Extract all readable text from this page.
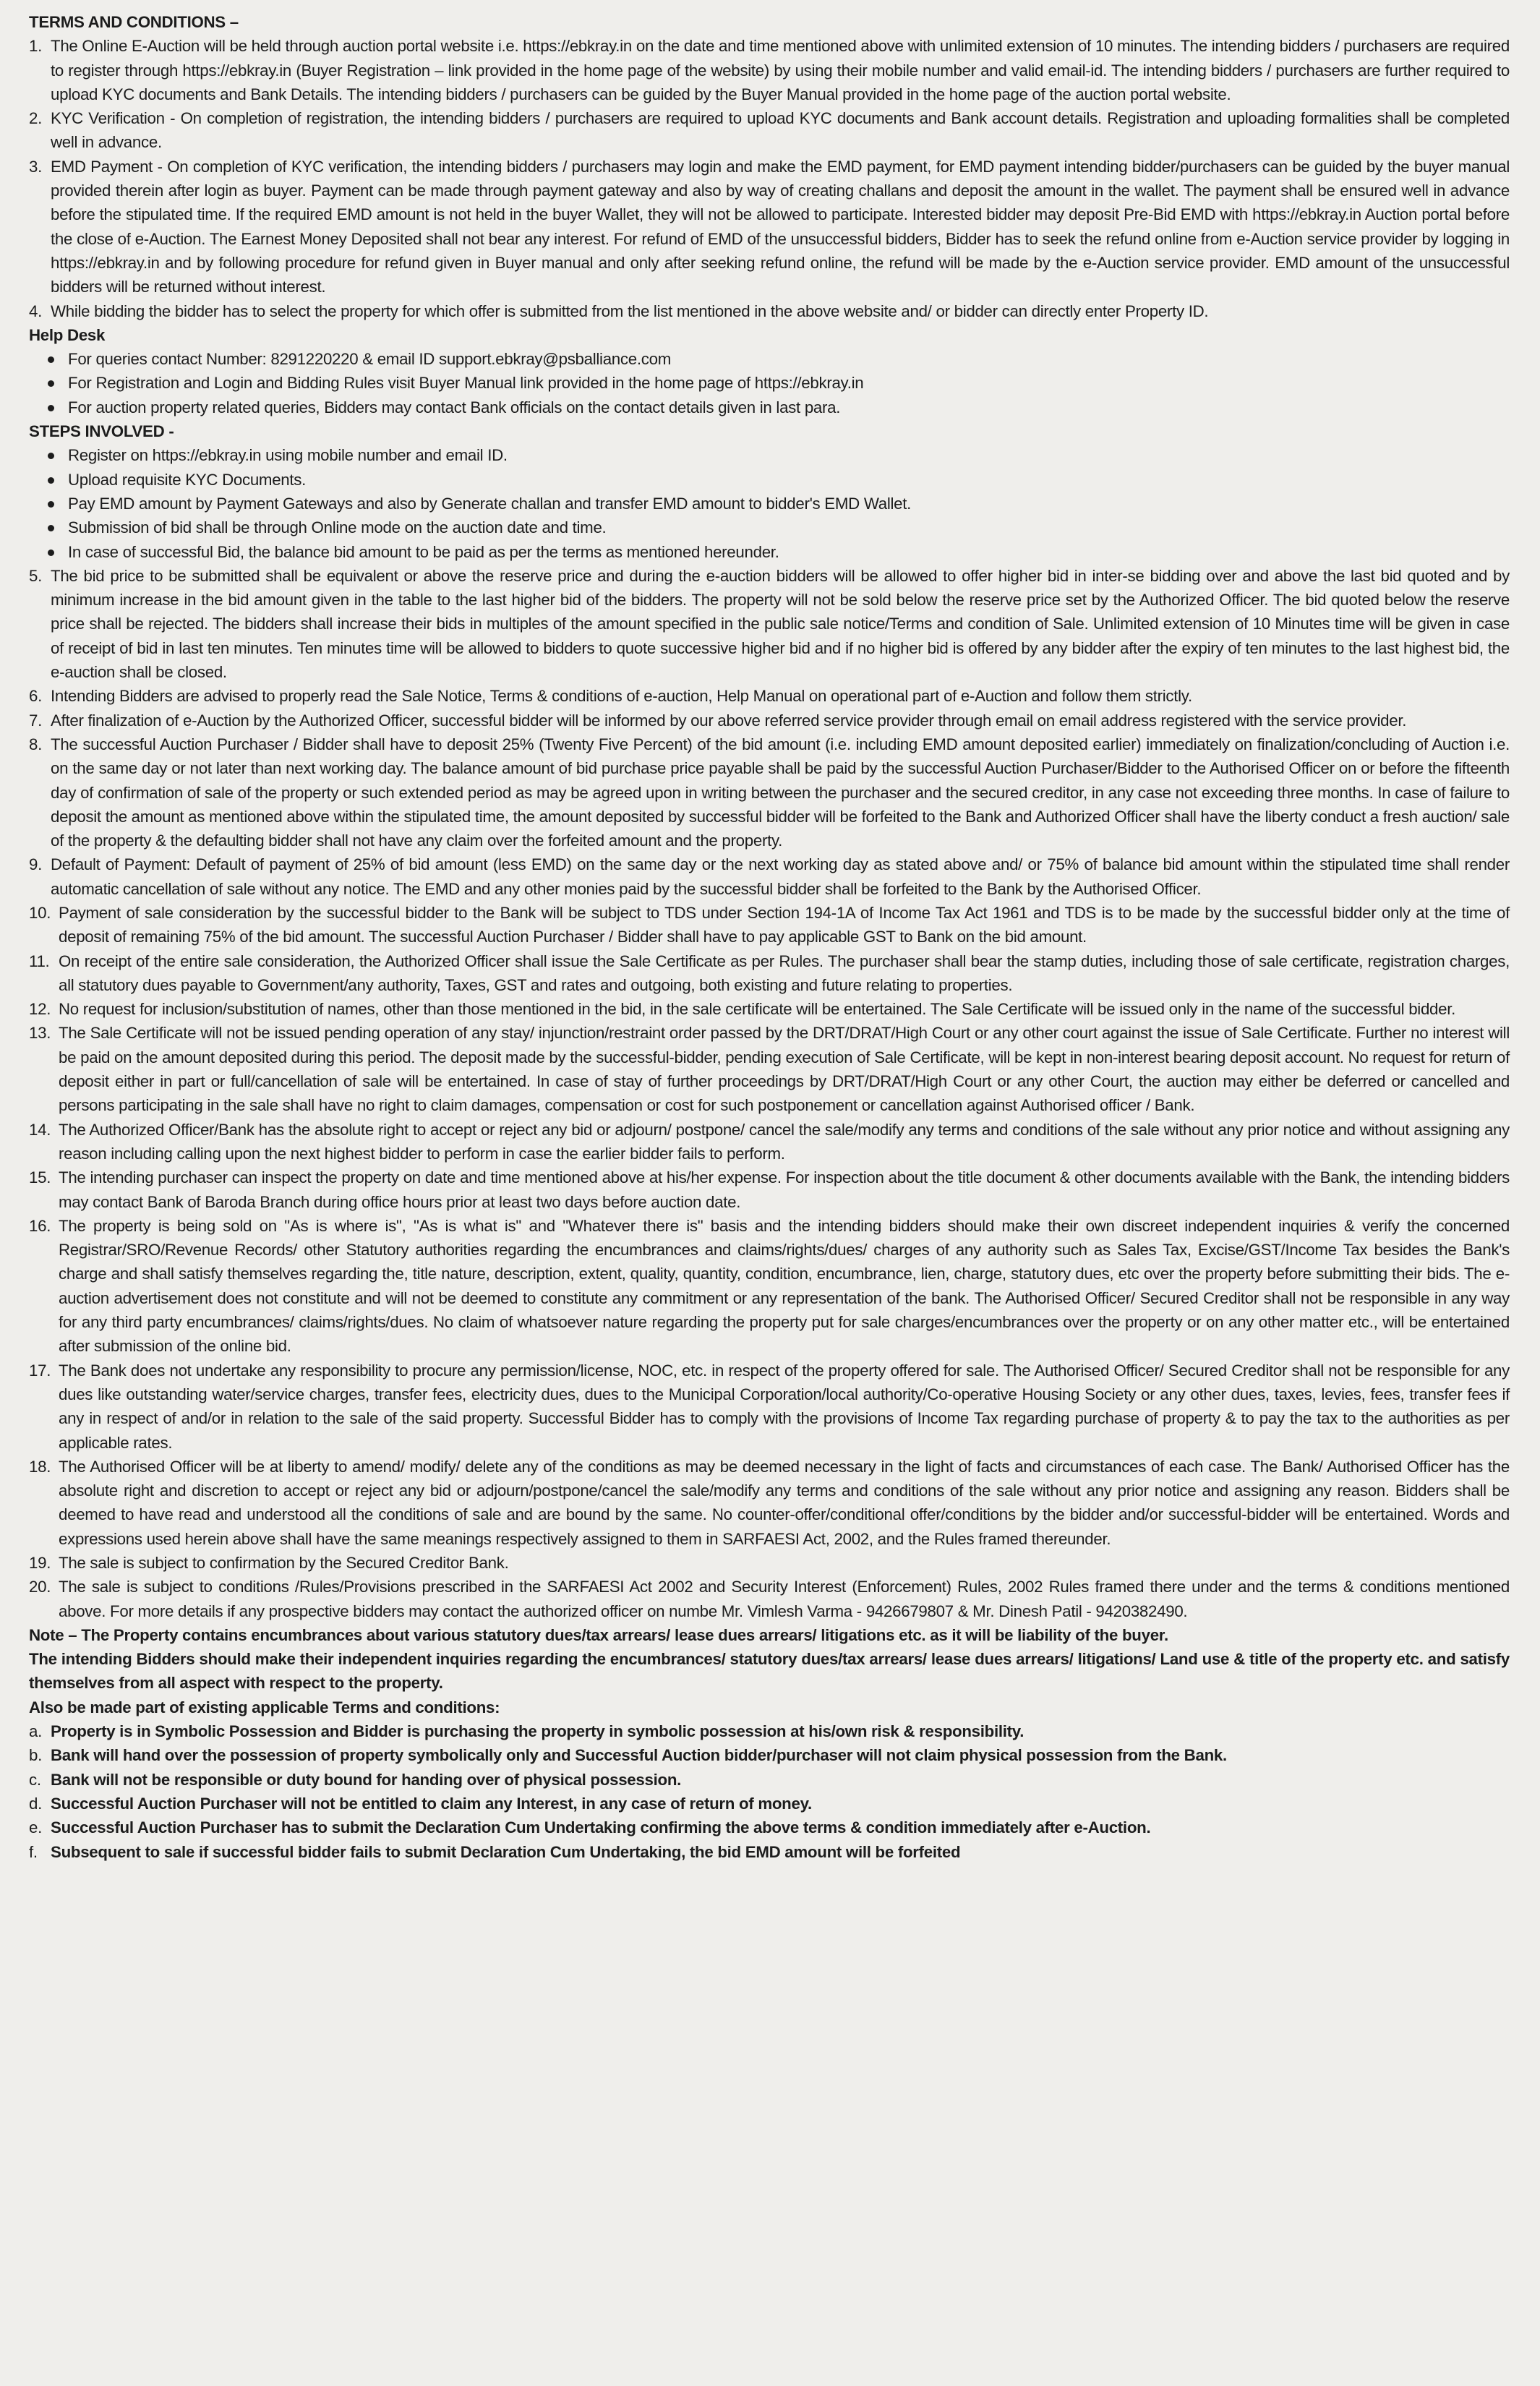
TERMS AND CONDITIONS –
1. The Online E-Auction will be held through auction portal website i.e. https://ebkray.in on the date and time mentioned above with unlimited extension of 10 minutes. The intending bidders / purchasers are required to register through https://ebkray.in (Buyer Registration – link provided in the home page of the website) by using their mobile number and valid email-id. The intending bidders / purchasers are further required to upload KYC documents and Bank Details. The intending bidders / purchasers can be guided by the Buyer Manual provided in the home page of the auction portal website.
2. KYC Verification - On completion of registration, the intending bidders / purchasers are required to upload KYC documents and Bank account details. Registration and uploading formalities shall be completed well in advance.
3. EMD Payment - On completion of KYC verification, the intending bidders / purchasers may login and make the EMD payment, for EMD payment intending bidder/purchasers can be guided by the buyer manual provided therein after login as buyer. Payment can be made through payment gateway and also by way of creating challans and deposit the amount in the wallet. The payment shall be ensured well in advance before the stipulated time. If the required EMD amount is not held in the buyer Wallet, they will not be allowed to participate. Interested bidder may deposit Pre-Bid EMD with https://ebkray.in Auction portal before the close of e-Auction. The Earnest Money Deposited shall not bear any interest. For refund of EMD of the unsuccessful bidders, Bidder has to seek the refund online from e-Auction service provider by logging in https://ebkray.in and by following procedure for refund given in Buyer manual and only after seeking refund online, the refund will be made by the e-Auction service provider. EMD amount of the unsuccessful bidders will be returned without interest.
4. While bidding the bidder has to select the property for which offer is submitted from the list mentioned in the above website and/ or bidder can directly enter Property ID.
Help Desk
For queries contact Number: 8291220220 & email ID support.ebkray@psballiance.com
For Registration and Login and Bidding Rules visit Buyer Manual link provided in the home page of https://ebkray.in
For auction property related queries, Bidders may contact Bank officials on the contact details given in last para.
STEPS INVOLVED -
Register on https://ebkray.in using mobile number and email ID.
Upload requisite KYC Documents.
Pay EMD amount by Payment Gateways and also by Generate challan and transfer EMD amount to bidder's EMD Wallet.
Submission of bid shall be through Online mode on the auction date and time.
In case of successful Bid, the balance bid amount to be paid as per the terms as mentioned hereunder.
5. The bid price to be submitted shall be equivalent or above the reserve price and during the e-auction bidders will be allowed to offer higher bid in inter-se bidding over and above the last bid quoted and by minimum increase in the bid amount given in the table to the last higher bid of the bidders. The property will not be sold below the reserve price set by the Authorized Officer. The bid quoted below the reserve price shall be rejected. The bidders shall increase their bids in multiples of the amount specified in the public sale notice/Terms and condition of Sale. Unlimited extension of 10 Minutes time will be given in case of receipt of bid in last ten minutes. Ten minutes time will be allowed to bidders to quote successive higher bid and if no higher bid is offered by any bidder after the expiry of ten minutes to the last highest bid, the e-auction shall be closed.
6. Intending Bidders are advised to properly read the Sale Notice, Terms & conditions of e-auction, Help Manual on operational part of e-Auction and follow them strictly.
7. After finalization of e-Auction by the Authorized Officer, successful bidder will be informed by our above referred service provider through email on email address registered with the service provider.
8. The successful Auction Purchaser / Bidder shall have to deposit 25% (Twenty Five Percent) of the bid amount (i.e. including EMD amount deposited earlier) immediately on finalization/concluding of Auction i.e. on the same day or not later than next working day. The balance amount of bid purchase price payable shall be paid by the successful Auction Purchaser/Bidder to the Authorised Officer on or before the fifteenth day of confirmation of sale of the property or such extended period as may be agreed upon in writing between the purchaser and the secured creditor, in any case not exceeding three months. In case of failure to deposit the amount as mentioned above within the stipulated time, the amount deposited by successful bidder will be forfeited to the Bank and Authorized Officer shall have the liberty conduct a fresh auction/ sale of the property & the defaulting bidder shall not have any claim over the forfeited amount and the property.
9. Default of Payment: Default of payment of 25% of bid amount (less EMD) on the same day or the next working day as stated above and/ or 75% of balance bid amount within the stipulated time shall render automatic cancellation of sale without any notice. The EMD and any other monies paid by the successful bidder shall be forfeited to the Bank by the Authorised Officer.
10. Payment of sale consideration by the successful bidder to the Bank will be subject to TDS under Section 194-1A of Income Tax Act 1961 and TDS is to be made by the successful bidder only at the time of deposit of remaining 75% of the bid amount. The successful Auction Purchaser / Bidder shall have to pay applicable GST to Bank on the bid amount.
11. On receipt of the entire sale consideration, the Authorized Officer shall issue the Sale Certificate as per Rules. The purchaser shall bear the stamp duties, including those of sale certificate, registration charges, all statutory dues payable to Government/any authority, Taxes, GST and rates and outgoing, both existing and future relating to properties.
12. No request for inclusion/substitution of names, other than those mentioned in the bid, in the sale certificate will be entertained. The Sale Certificate will be issued only in the name of the successful bidder.
13. The Sale Certificate will not be issued pending operation of any stay/ injunction/restraint order passed by the DRT/DRAT/High Court or any other court against the issue of Sale Certificate. Further no interest will be paid on the amount deposited during this period. The deposit made by the successful-bidder, pending execution of Sale Certificate, will be kept in non-interest bearing deposit account. No request for return of deposit either in part or full/cancellation of sale will be entertained. In case of stay of further proceedings by DRT/DRAT/High Court or any other Court, the auction may either be deferred or cancelled and persons participating in the sale shall have no right to claim damages, compensation or cost for such postponement or cancellation against Authorised officer / Bank.
14. The Authorized Officer/Bank has the absolute right to accept or reject any bid or adjourn/ postpone/ cancel the sale/modify any terms and conditions of the sale without any prior notice and without assigning any reason including calling upon the next highest bidder to perform in case the earlier bidder fails to perform.
15. The intending purchaser can inspect the property on date and time mentioned above at his/her expense. For inspection about the title document & other documents available with the Bank, the intending bidders may contact Bank of Baroda Branch during office hours prior at least two days before auction date.
16. The property is being sold on "As is where is", "As is what is" and "Whatever there is" basis and the intending bidders should make their own discreet independent inquiries & verify the concerned Registrar/SRO/Revenue Records/ other Statutory authorities regarding the encumbrances and claims/rights/dues/ charges of any authority such as Sales Tax, Excise/GST/Income Tax besides the Bank's charge and shall satisfy themselves regarding the, title nature, description, extent, quality, quantity, condition, encumbrance, lien, charge, statutory dues, etc over the property before submitting their bids. The e-auction advertisement does not constitute and will not be deemed to constitute any commitment or any representation of the bank. The Authorised Officer/ Secured Creditor shall not be responsible in any way for any third party encumbrances/ claims/rights/dues. No claim of whatsoever nature regarding the property put for sale charges/encumbrances over the property or on any other matter etc., will be entertained after submission of the online bid.
17. The Bank does not undertake any responsibility to procure any permission/license, NOC, etc. in respect of the property offered for sale. The Authorised Officer/ Secured Creditor shall not be responsible for any dues like outstanding water/service charges, transfer fees, electricity dues, dues to the Municipal Corporation/local authority/Co-operative Housing Society or any other dues, taxes, levies, fees, transfer fees if any in respect of and/or in relation to the sale of the said property. Successful Bidder has to comply with the provisions of Income Tax regarding purchase of property & to pay the tax to the authorities as per applicable rates.
18. The Authorised Officer will be at liberty to amend/ modify/ delete any of the conditions as may be deemed necessary in the light of facts and circumstances of each case. The Bank/ Authorised Officer has the absolute right and discretion to accept or reject any bid or adjourn/postpone/cancel the sale/modify any terms and conditions of the sale without any prior notice and assigning any reason. Bidders shall be deemed to have read and understood all the conditions of sale and are bound by the same. No counter-offer/conditional offer/conditions by the bidder and/or successful-bidder will be entertained. Words and expressions used herein above shall have the same meanings respectively assigned to them in SARFAESI Act, 2002, and the Rules framed thereunder.
19. The sale is subject to confirmation by the Secured Creditor Bank.
20. The sale is subject to conditions /Rules/Provisions prescribed in the SARFAESI Act 2002 and Security Interest (Enforcement) Rules, 2002 Rules framed there under and the terms & conditions mentioned above. For more details if any prospective bidders may contact the authorized officer on numbe Mr. Vimlesh Varma - 9426679807 & Mr. Dinesh Patil - 9420382490.
Note – The Property contains encumbrances about various statutory dues/tax arrears/ lease dues arrears/ litigations etc. as it will be liability of the buyer.
The intending Bidders should make their independent inquiries regarding the encumbrances/ statutory dues/tax arrears/ lease dues arrears/ litigations/ Land use & title of the property etc. and satisfy themselves from all aspect with respect to the property.
Also be made part of existing applicable Terms and conditions:
a. Property is in Symbolic Possession and Bidder is purchasing the property in symbolic possession at his/own risk & responsibility.
b. Bank will hand over the possession of property symbolically only and Successful Auction bidder/purchaser will not claim physical possession from the Bank.
c. Bank will not be responsible or duty bound for handing over of physical possession.
d. Successful Auction Purchaser will not be entitled to claim any Interest, in any case of return of money.
e. Successful Auction Purchaser has to submit the Declaration Cum Undertaking confirming the above terms & condition immediately after e-Auction.
f. Subsequent to sale if successful bidder fails to submit Declaration Cum Undertaking, the bid EMD amount will be forfeited
